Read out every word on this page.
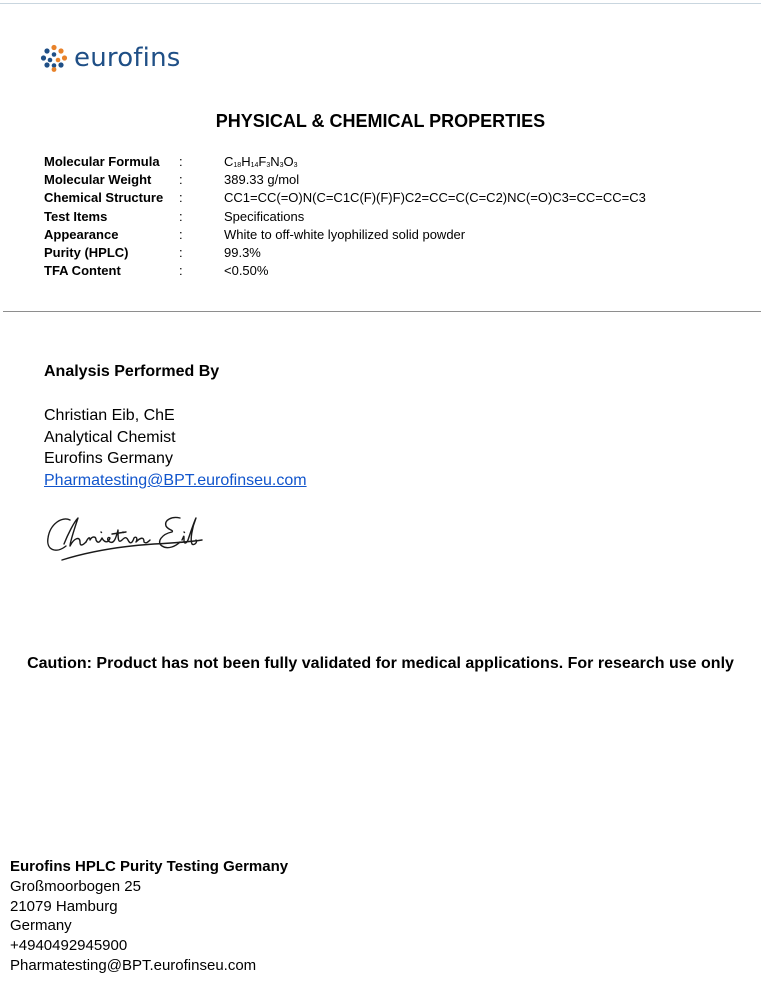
eurofins
PHYSICAL & CHEMICAL PROPERTIES
Molecular Formula :	$C_{18}H_{14}F_3N_3O_3$
Molecular Weight :	389.33 g/mol
Chemical Structure :	CC1=CC(=O)N(C=C1C(F)(F)F)C2=CC=C(C=C2)NC(=O)C3=CC=CC=C3
Test Items	:	Specifications
Appearance	:	White to off-white lyophilized solid powder
Purity (HPLC)	:	99.3%
TFA Content	:	<0.50%
Analysis Performed By
Christian Eib, ChE
Analytical Chemist
Eurofins Germany
Pharmatesting@BPT.eurofinseu.com
Caution: Product has not been fully validated for medical applications. For research use only
Eurofins HPLC Purity Testing Germany
Großmoorbogen 25
21079 Hamburg
Germany
+4940492945900
Pharmatesting@BPT.eurofinseu.com
